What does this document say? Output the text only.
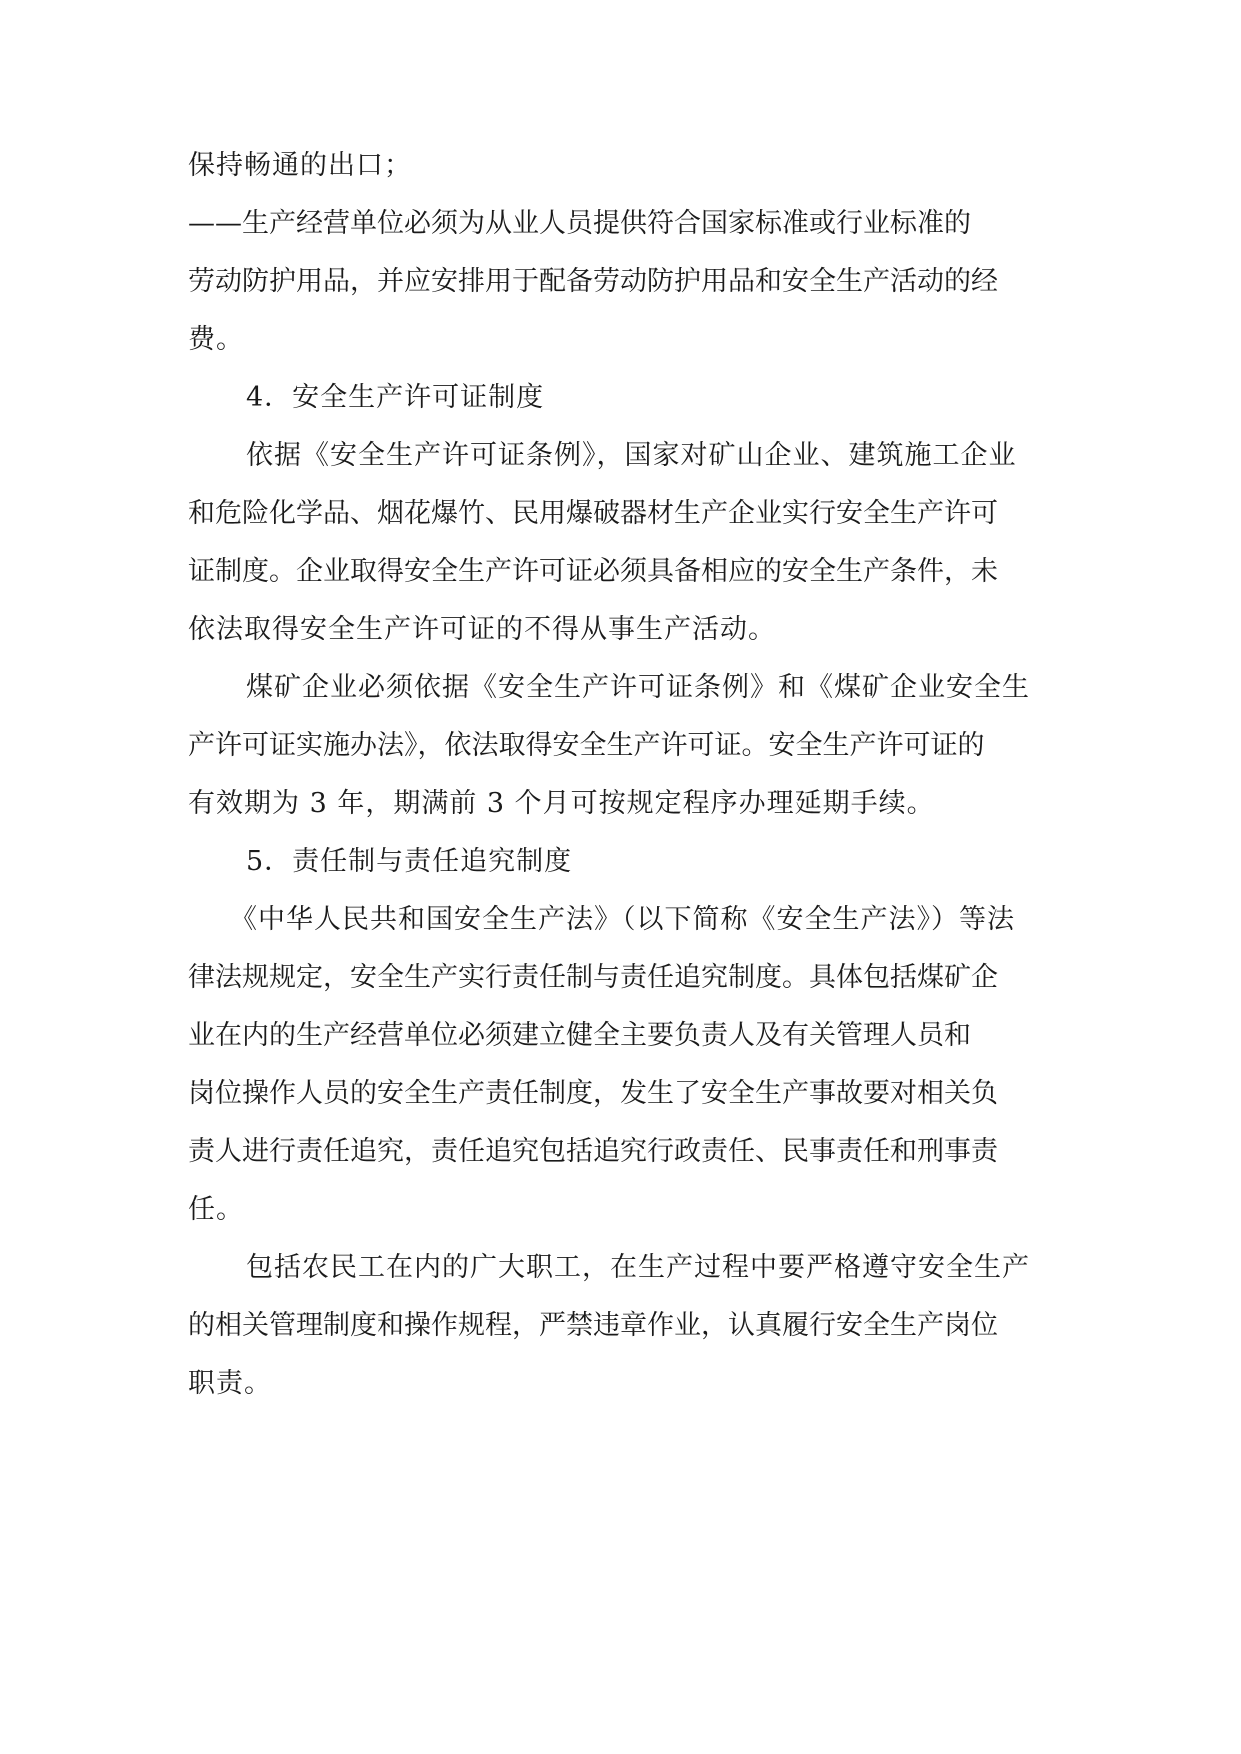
保持畅通的出口；
——生产经营单位必须为从业人员提供符合国家标准或行业标准的
劳动防护用品，并应安排用于配备劳动防护用品和安全生产活动的经
费。
4．安全生产许可证制度
依据《安全生产许可证条例》，国家对矿山企业、建筑施工企业
和危险化学品、烟花爆竹、民用爆破器材生产企业实行安全生产许可
证制度。企业取得安全生产许可证必须具备相应的安全生产条件，未
依法取得安全生产许可证的不得从事生产活动。
煤矿企业必须依据《安全生产许可证条例》和《煤矿企业安全生
产许可证实施办法》，依法取得安全生产许可证。安全生产许可证的
有效期为 3 年，期满前 3 个月可按规定程序办理延期手续。
5．责任制与责任追究制度
《中华人民共和国安全生产法》（以下简称《安全生产法》）等法
律法规规定，安全生产实行责任制与责任追究制度。具体包括煤矿企
业在内的生产经营单位必须建立健全主要负责人及有关管理人员和
岗位操作人员的安全生产责任制度，发生了安全生产事故要对相关负
责人进行责任追究，责任追究包括追究行政责任、民事责任和刑事责
任。
包括农民工在内的广大职工，在生产过程中要严格遵守安全生产
的相关管理制度和操作规程，严禁违章作业，认真履行安全生产岗位
职责。
